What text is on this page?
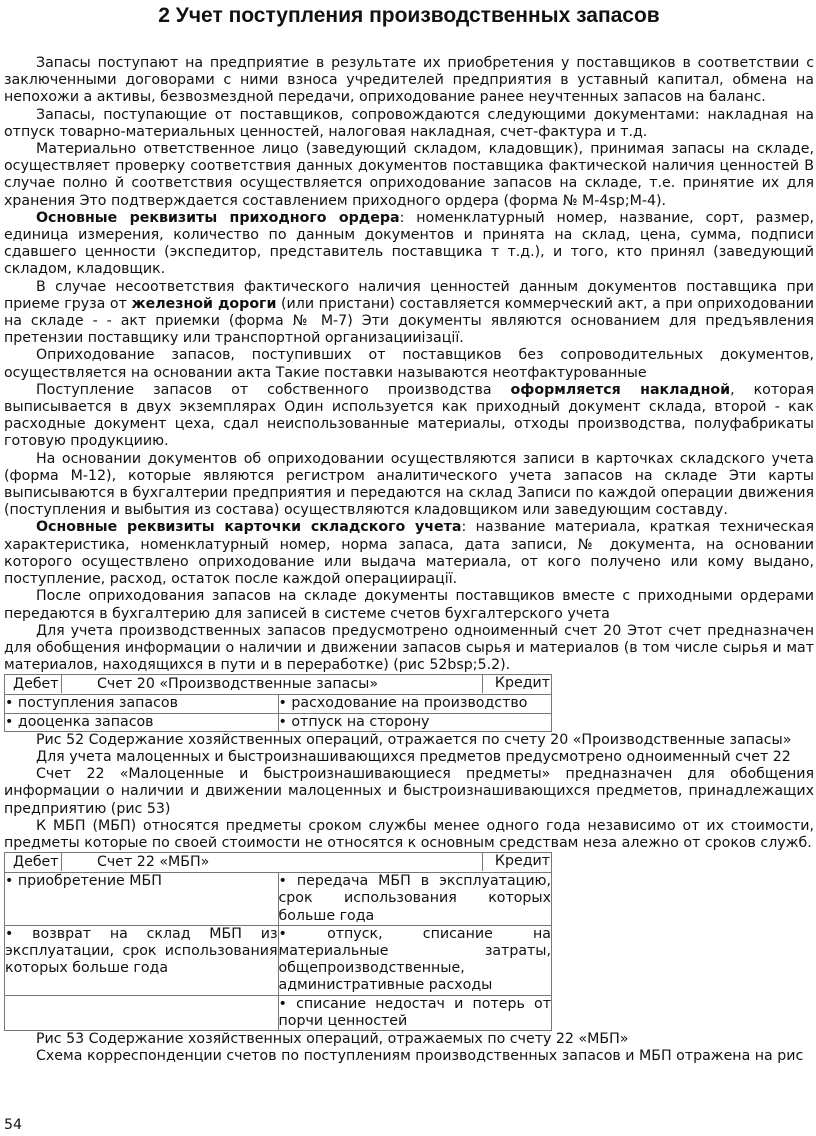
2 Учет поступления производственных запасов

Запасы поступают на предприятие в результате их приобретения у поставщиков в соответствии с заключенными договорами с ними взноса учредителей предприятия в уставный капитал, обмена на непохожи а активы, безвозмездной передачи, оприходование ранее неучтенных запасов на баланс.

Запасы, поступающие от поставщиков, сопровождаются следующими документами: накладная на отпуск товарно-материальных ценностей, налоговая накладная, счет-фактура и т.д.

Материально ответственное лицо (заведующий складом, кладовщик), принимая запасы на складе, осуществляет проверку соответствия данных документов поставщика фактической наличия ценностей В случае полно й соответствия осуществляется оприходование запасов на складе, т.е. принятие их для хранения Это подтверждается составлением приходного ордера (форма № М-4sp;М-4).

Основные реквизиты приходного ордера: номенклатурный номер, название, сорт, размер, единица измерения, количество по данным документов и принята на склад, цена, сумма, подписи сдавшего ценности (экспедитор, представитель поставщика т т.д.), и того, кто принял (заведующий складом, кладовщик.

В случае несоответствия фактического наличия ценностей данным документов поставщика при приеме груза от железной дороги (или пристани) составляется коммерческий акт, а при оприходовании на складе - - акт приемки (форма № М-7) Эти документы являются основанием для предъявления претензии поставщику или транспортной организацииізації.

Оприходование запасов, поступивших от поставщиков без сопроводительных документов, осуществляется на основании акта Такие поставки называются неотфактурованные

Поступление запасов от собственного производства оформляется накладной, которая выписывается в двух экземплярах Один используется как приходный документ склада, второй - как расходные документ цеха, сдал неиспользованные материалы, отходы производства, полуфабрикаты готовую продукциию.

На основании документов об оприходовании осуществляются записи в карточках складского учета (форма М-12), которые являются регистром аналитического учета запасов на складе Эти карты выписываются в бухгалтерии предприятия и передаются на склад Записи по каждой операции движения (поступления и выбытия из состава) осуществляются кладовщиком или заведующим составду.

Основные реквизиты карточки складского учета: название материала, краткая техническая характеристика, номенклатурный номер, норма запаса, дата записи, № документа, на основании которого осуществлено оприходование или выдача материала, от кого получено или кому выдано, поступление, расход, остаток после каждой операциирації.

После оприходования запасов на складе документы поставщиков вместе с приходными ордерами передаются в бухгалтерию для записей в системе счетов бухгалтерского учета

Для учета производственных запасов предусмотрено одноименный счет 20 Этот счет предназначен для обобщения информации о наличии и движении запасов сырья и материалов (в том числе сырья и мат материалов, находящихся в пути и в переработке) (рис 52bsp;5.2).

Дебет Счет 20 «Производственные запасы» Кредит	

• поступления запасов	• расходование на производство
• дооценка запасов	• отпуск на сторону

Рис 52 Содержание хозяйственных операций, отражается по счету 20 «Производственные запасы»

Для учета малоценных и быстроизнашивающихся предметов предусмотрено одноименный счет 22

Счет 22 «Малоценные и быстроизнашивающиеся предметы» предназначен для обобщения информации о наличии и движении малоценных и быстроизнашивающихся предметов, принадлежащих предприятию (рис 53)

К МБП (МБП) относятся предметы сроком службы менее одного года независимо от их стоимости, предметы которые по своей стоимости не относятся к основным средствам неза алежно от сроков служб.

Дебет Счет 22 «МБП» Кредит	

• приобретение МБП	• передача МБП в эксплуатацию, срок использования которых больше года
• возврат на склад МБП из эксплуатации, срок использования которых больше года	• отпуск, списание на материальные затраты, общепроизводственные, административные расходы
	• списание недостач и потерь от порчи ценностей

Рис 53 Содержание хозяйственных операций, отражаемых по счету 22 «МБП»

Схема корреспонденции счетов по поступлениям производственных запасов и МБП отражена на рис

54
